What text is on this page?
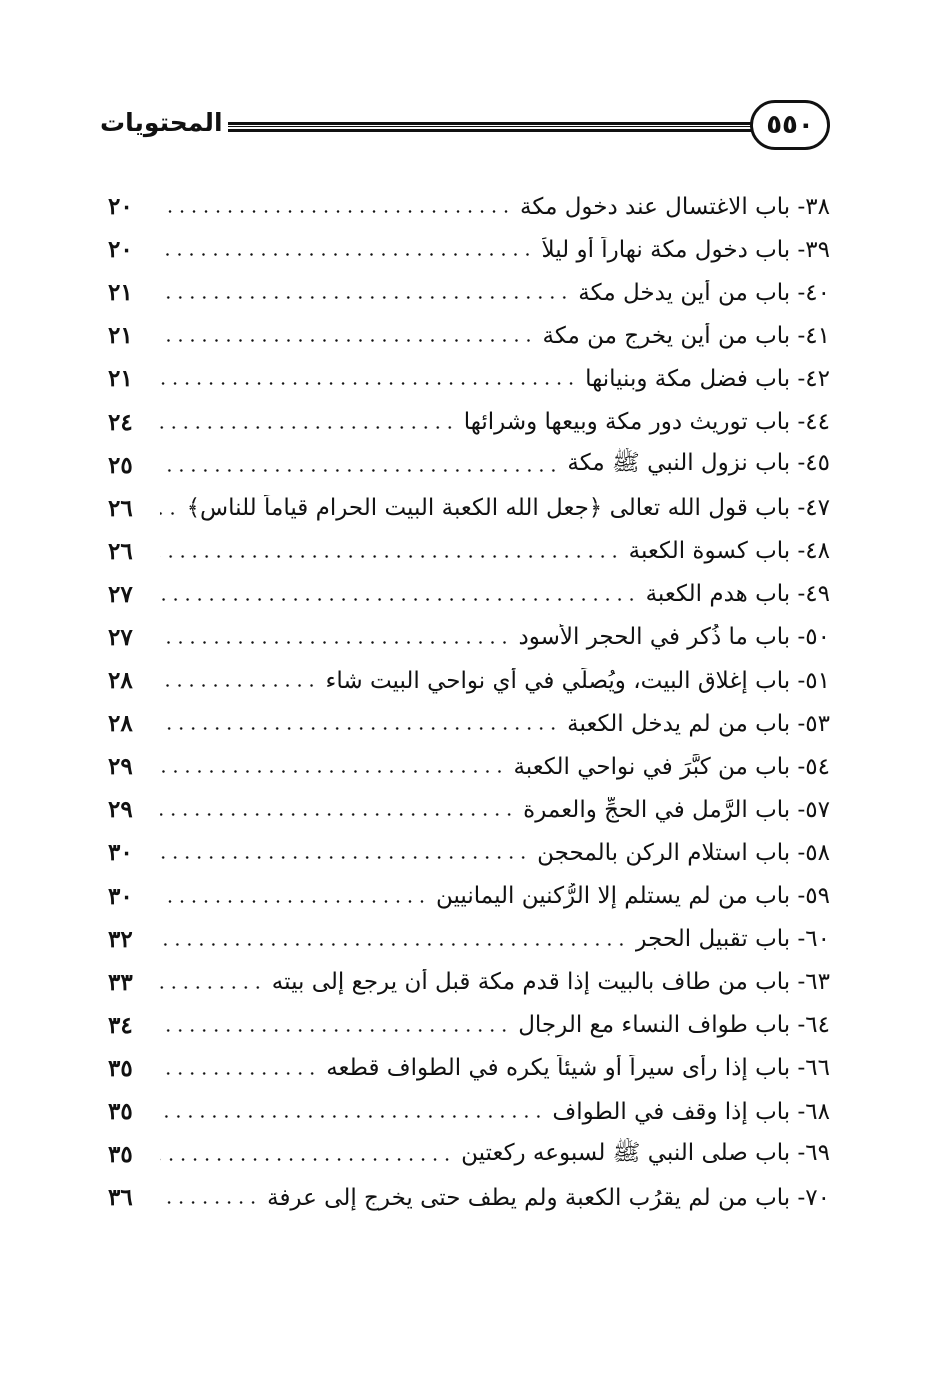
المحتويات	٥٥٠
٢٠	٣٨- باب الاغتسال عند دخول مكة
٢٠	٣٩- باب دخول مكة نهاراً أو ليلاً
٢١	٤٠- باب من أين يدخل مكة
٢١	٤١- باب من أين يخرج من مكة
٢١	٤٢- باب فضل مكة وبنيانها
٢٤	٤٤- باب توريث دور مكة وبيعها وشرائها
٢٥	٤٥- باب نزول النبي ﷺ مكة
٢٦	٤٧- باب قول الله تعالى ﴿جعل الله الكعبة البيت الحرام قياماً للناس﴾
٢٦	٤٨- باب كسوة الكعبة
٢٧	٤٩- باب هدم الكعبة
٢٧	٥٠- باب ما ذُكر في الحجر الأسود
٢٨	٥١- باب إغلاق البيت، ويُصلِّي في أي نواحي البيت شاء
٢٨	٥٣- باب من لم يدخل الكعبة
٢٩	٥٤- باب من كبَّرَ في نواحي الكعبة
٢٩	٥٧- باب الرَّمل في الحجِّ والعمرة
٣٠	٥٨- باب استلام الركن بالمحجن
٣٠	٥٩- باب من لم يستلم إلا الرُّكنين اليمانيين
٣٢	٦٠- باب تقبيل الحجر
٣٣	٦٣- باب من طاف بالبيت إذا قدم مكة قبل أن يرجع إلى بيته
٣٤	٦٤- باب طواف النساء مع الرجال
٣٥	٦٦- باب إذا رأى سيراً أو شيئاً يكره في الطواف قطعه
٣٥	٦٨- باب إذا وقف في الطواف
٣٥	٦٩- باب صلى النبي ﷺ لسبوعه ركعتين
٣٦	٧٠- باب من لم يقرُب الكعبة ولم يطف حتى يخرج إلى عرفة
